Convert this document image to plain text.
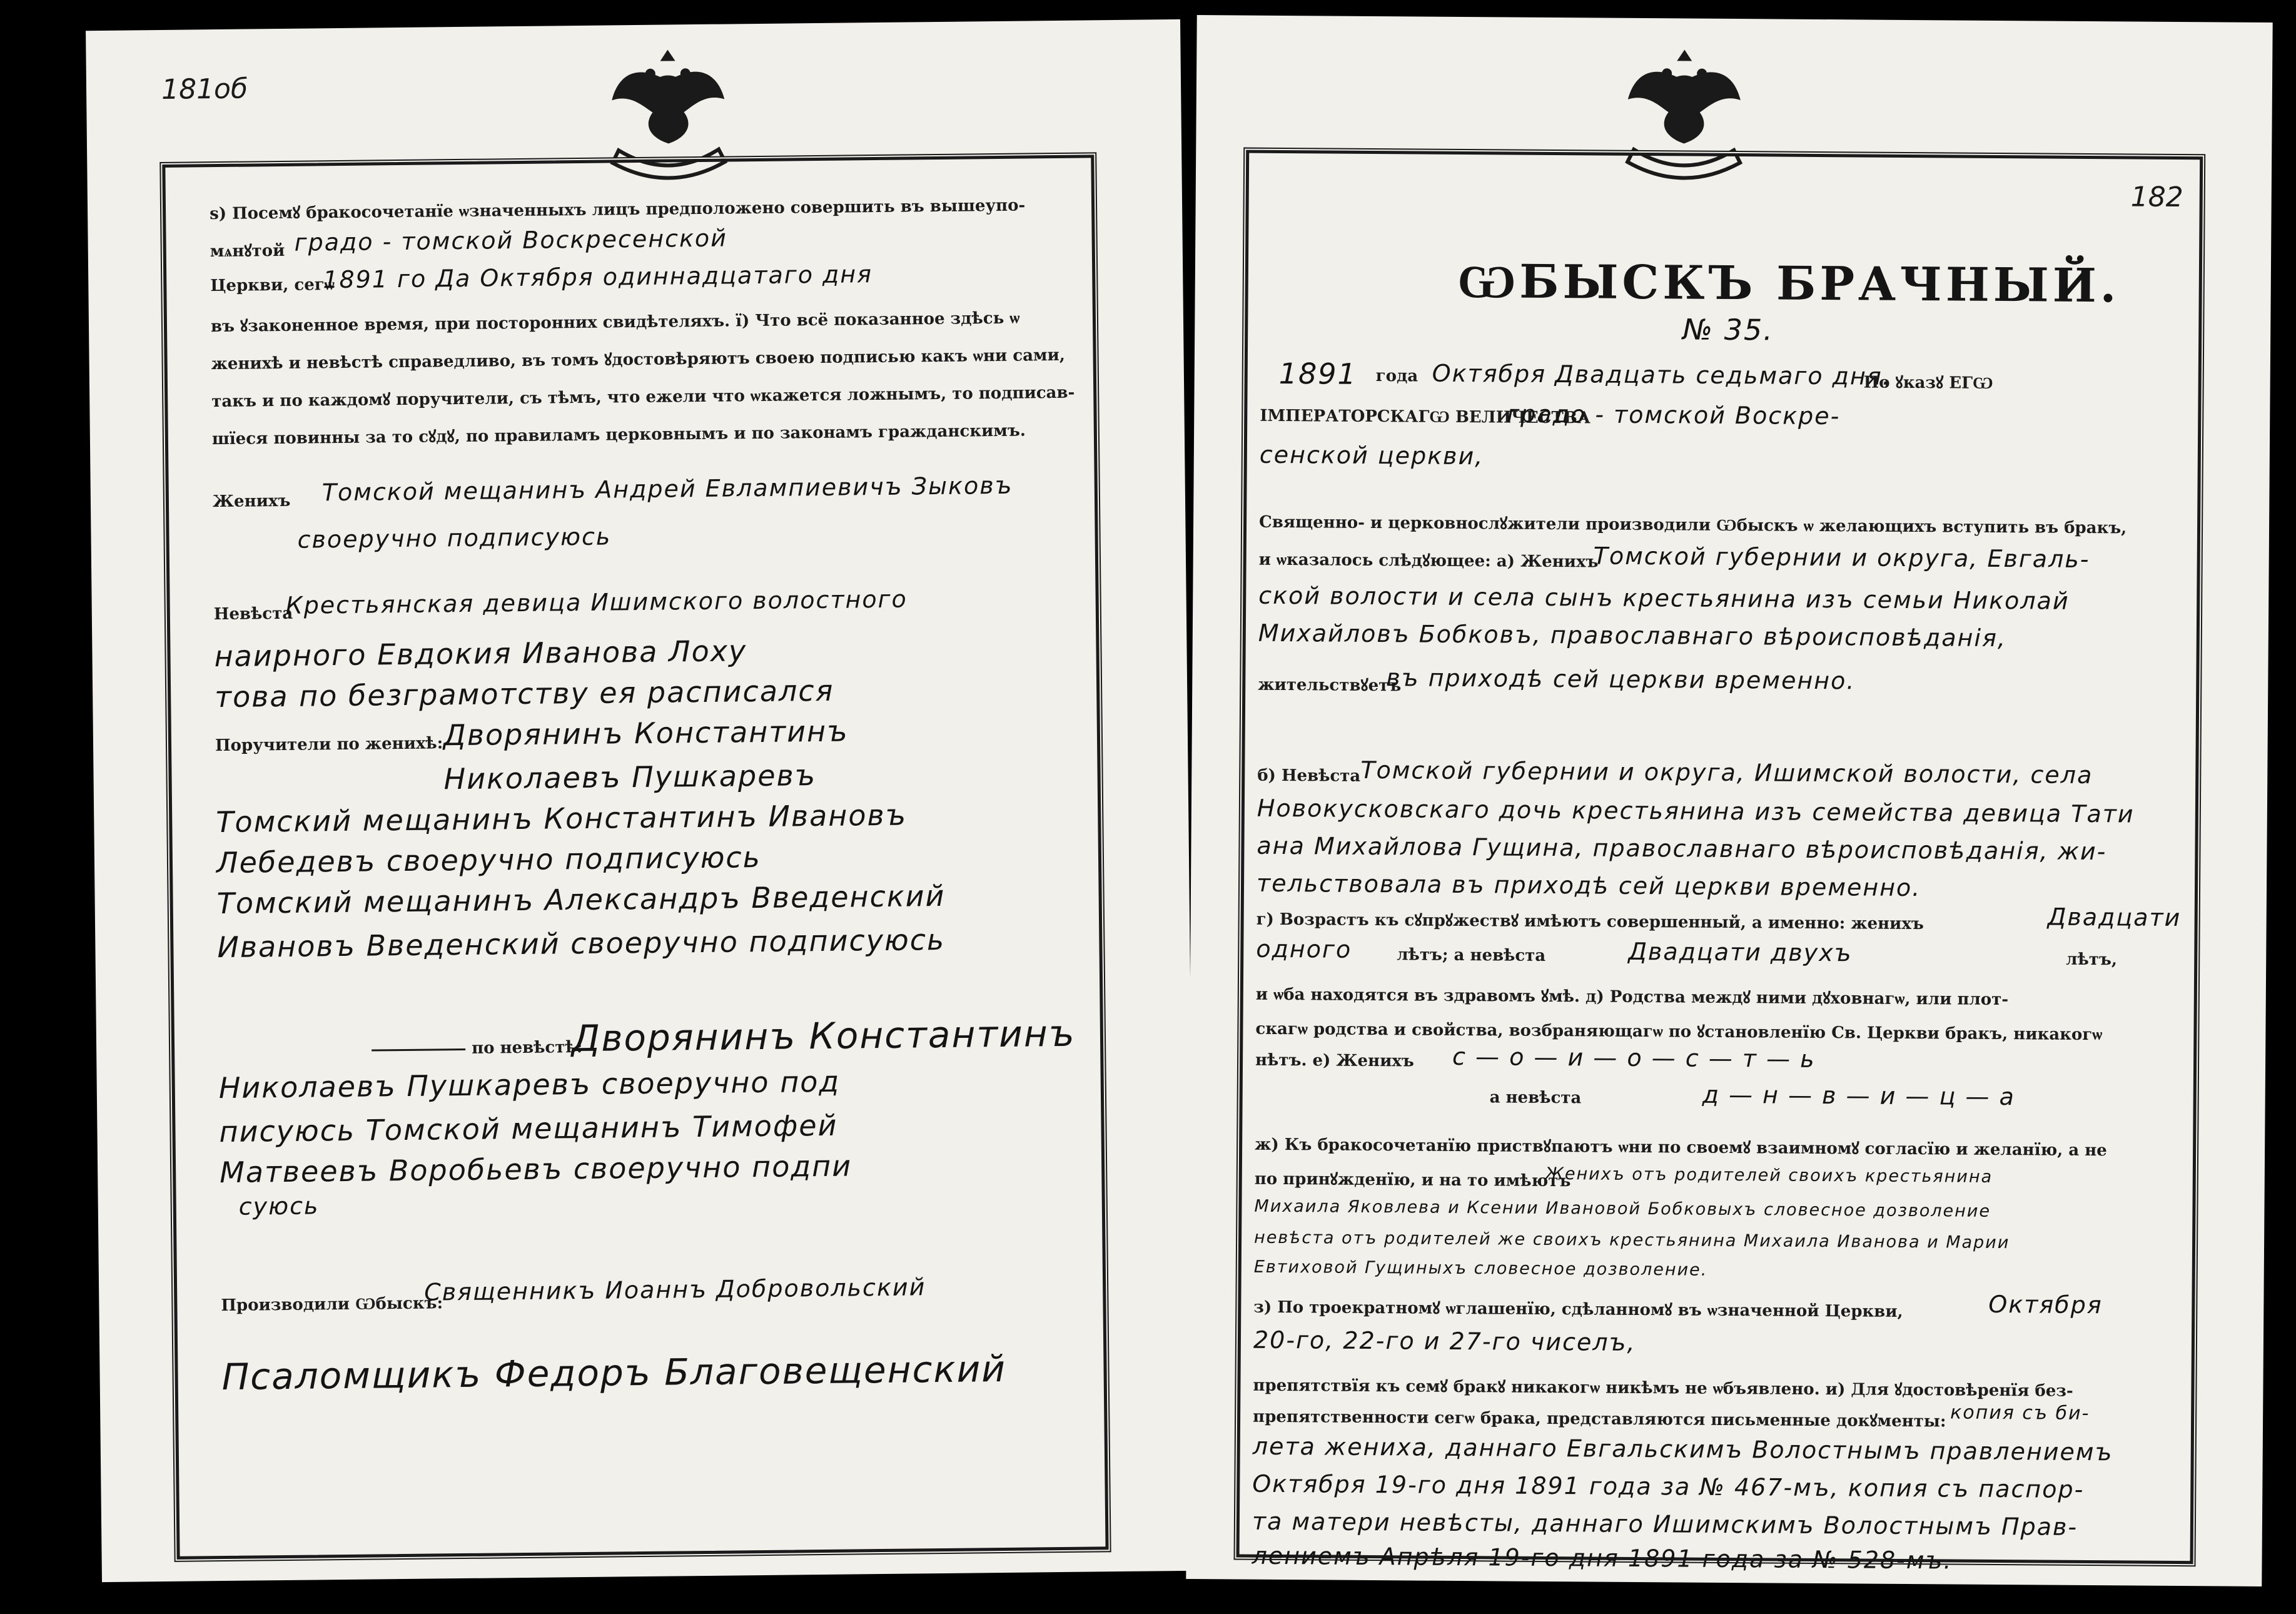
181об
ѕ) Посемꙋ бракосочетанїе ѡзначенныхъ лицъ предположено совершить въ вышеупо-
мѧнꙋтой градо - томской Воскресенской
Церкви, сегѡ
1891 го Да Октября одиннадцатаго дня
въ ꙋзаконенное время, при посторонних свидѣтеляхъ. ї) Что всё показанное здѣсь ѡ
женихѣ и невѣстѣ справедливо, въ томъ ꙋдостовѣряютъ своею подписью какъ ѡни сами,
такъ и по каждомꙋ поручители, съ тѣмъ, что ежели что ѡкажется ложнымъ, то подписав-
шїеся повинны за то сꙋдꙋ, по правиламъ церковнымъ и по законамъ гражданскимъ.
Женихъ Томской мещанинъ Андрей Евлампиевичъ Зыковъ
своеручно подписуюсь
Невѣста
Крестьянская девица Ишимского волостного
наирного Евдокия Иванова Лоху
това по безграмотству ея расписался
Поручители по женихѣ: Дворянинъ Константинъ
Николаевъ Пушкаревъ
Томский мещанинъ Константинъ Ивановъ
Лебедевъ своеручно подписуюсь
Томский мещанинъ Александръ Введенский
Ивановъ Введенский своеручно подписуюсь
по невѣстѣ:
Дворянинъ Константинъ
Николаевъ Пушкаревъ своеручно под
писуюсь Томской мещанинъ Тимофей
Матвеевъ Воробьевъ своеручно подпи
суюсь
Производили Ѡбыскъ:
Священникъ Иоаннъ Добровольский
Псаломщикъ Федоръ Благовещенский
182
ѠБЫСКЪ БРАЧНЫЙ.
№ 35.
1891 года Октября Двадцать седьмаго дня.
По ꙋказꙋ ЕГѠ
ІМПЕРАТОРСКАГѠ ВЕЛИЧЕСТВА
градо - томской Воскре-
сенской церкви,
Священно- и церковнослꙋжители производили Ѡбыскъ ѡ желающихъ вступить въ бракъ,
и ѡказалось слѣдꙋющее: а) Женихъ
Томской губернии и округа, Евгаль-
ской волости и села сынъ крестьянина изъ семьи Николай
Михайловъ Бобковъ, православнаго вѣроисповѣданія,
жительствꙋетъ
въ приходѣ сей церкви временно.
б) Невѣста Томской губернии и округа, Ишимской волости, села
Новокусковскаго дочь крестьянина изъ семейства девица Тати
ана Михайлова Гущина, православнаго вѣроисповѣданія, жи-
тельствовала въ приходѣ сей церкви временно.
г) Возрастъ къ сꙋпрꙋжествꙋ имѣютъ совершенный, а именно: женихъ	Двадцати
одного	лѣтъ; а невѣста	Двадцати двухъ	лѣтъ,
и ѡба находятся въ здравомъ ꙋмѣ. д) Родства междꙋ ними дꙋховнагѡ, или плот-
скагѡ родства и свойства, возбраняющагѡ по ꙋстановленїю Св. Церкви бракъ, никакогѡ
нѣтъ. е) Женихъ с — о — и — о — с — т — ь
а невѣста	д — н — в — и — ц — а
ж) Къ бракосочетанїю приствꙋпаютъ ѡни по своемꙋ взаимномꙋ согласїю и желанїю, а не
по принꙋжденїю, и на то имѣютъ
Женихъ отъ родителей своихъ крестьянина
Михаила Яковлева и Ксении Ивановой Бобковыхъ словесное дозволение
невѣста отъ родителей же своихъ крестьянина Михаила Иванова и Марии
Евтиховой Гущиныхъ словесное дозволение.
з) По троекратномꙋ ѡглашенїю, сдѣланномꙋ въ ѡзначенной Церкви,	Октября
20-го, 22-го и 27-го чиселъ,
препятствїя къ семꙋ бракꙋ никакогѡ никѣмъ не ѡбъявлено. и) Для ꙋдостовѣренїя без-
препятственности сегѡ брака, представляются письменные докꙋменты: копия съ би-
лета жениха, даннаго Евгальскимъ Волостнымъ правлениемъ
Октября 19-го дня 1891 года за № 467-мъ, копия съ паспор-
та матери невѣсты, даннаго Ишимскимъ Волостнымъ Прав-
лениемъ Апрѣля 19-го дня 1891 года за № 528-мъ.
